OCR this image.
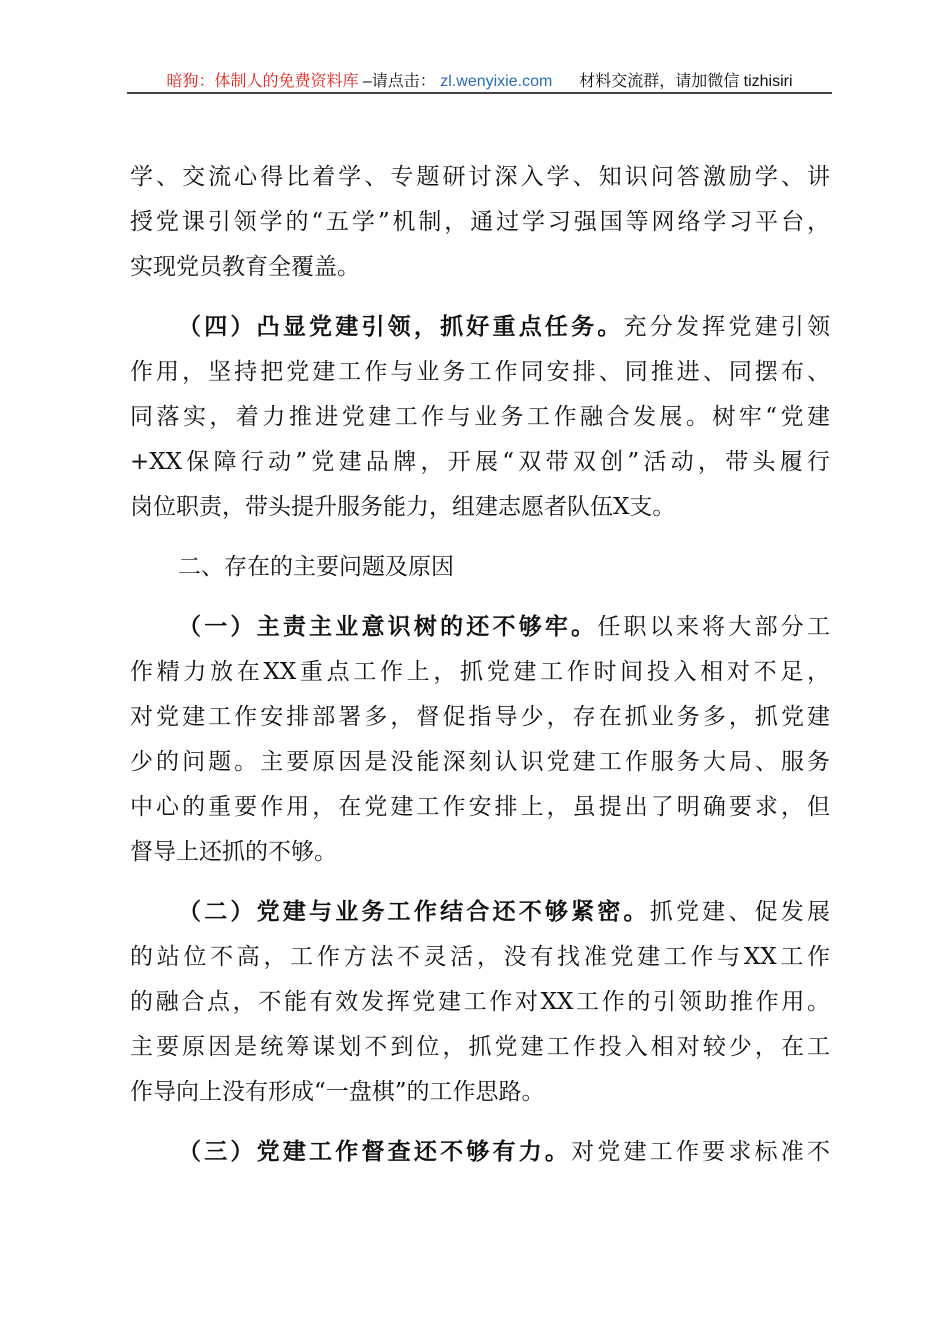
暗狗：体制人的免费资料库 –请点击： zl.wenyixie.com 材料交流群，请加微信 tizhisiri
学、交流心得比着学、专题研讨深入学、知识问答激励学、讲
授党课引领学的“五学”机制，通过学习强国等网络学习平台，
实现党员教育全覆盖。
（四）凸显党建引领，抓好重点任务。充分发挥党建引领
作用，坚持把党建工作与业务工作同安排、同推进、同摆布、
同落实，着力推进党建工作与业务工作融合发展。树牢“党建
+XX保障行动”党建品牌，开展“双带双创”活动，带头履行
岗位职责，带头提升服务能力，组建志愿者队伍X支。
二、存在的主要问题及原因
（一）主责主业意识树的还不够牢。任职以来将大部分工
作精力放在XX重点工作上，抓党建工作时间投入相对不足，
对党建工作安排部署多，督促指导少，存在抓业务多，抓党建
少的问题。主要原因是没能深刻认识党建工作服务大局、服务
中心的重要作用，在党建工作安排上，虽提出了明确要求，但
督导上还抓的不够。
（二）党建与业务工作结合还不够紧密。抓党建、促发展
的站位不高，工作方法不灵活，没有找准党建工作与XX工作
的融合点，不能有效发挥党建工作对XX工作的引领助推作用。
主要原因是统筹谋划不到位，抓党建工作投入相对较少，在工
作导向上没有形成“一盘棋”的工作思路。
（三）党建工作督查还不够有力。对党建工作要求标准不
